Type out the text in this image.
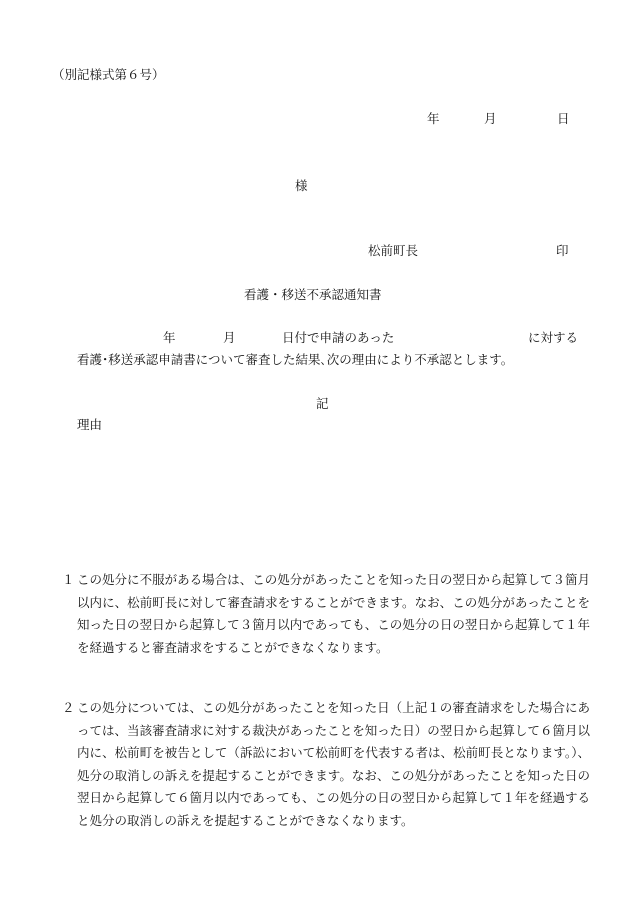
（別記様式第６号）
年	月	日
様
松前町長	印
看護・移送不承認通知書
年	月	日付で申請のあった	に対する
看護･移送承認申請書について審査した結果､次の理由により不承認とします。
記
理由
１ この処分に不服がある場合は、この処分があったことを知った日の翌日から起算して３箇月以内に、松前町長に対して審査請求をすることができます。なお、この処分があったことを知った日の翌日から起算して３箇月以内であっても、この処分の日の翌日から起算して１年を経過すると審査請求をすることができなくなります。
２ この処分については、この処分があったことを知った日（上記１の審査請求をした場合にあっては、当該審査請求に対する裁決があったことを知った日）の翌日から起算して６箇月以内に、松前町を被告として（訴訟において松前町を代表する者は、松前町長となります。）、処分の取消しの訴えを提起することができます。なお、この処分があったことを知った日の翌日から起算して６箇月以内であっても、この処分の日の翌日から起算して１年を経過すると処分の取消しの訴えを提起することができなくなります。
